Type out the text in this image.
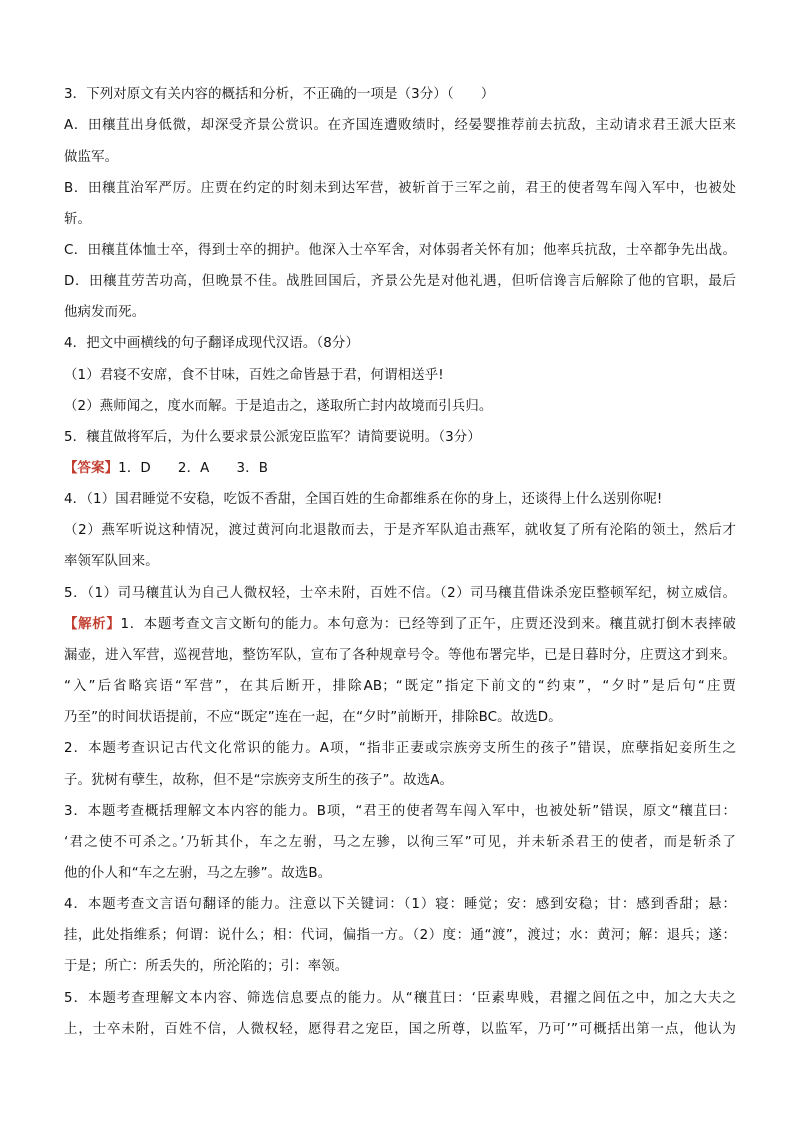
3．下列对原文有关内容的概括和分析，不正确的一项是（3分）（　　）
A．田穰苴出身低微，却深受齐景公赏识。在齐国连遭败绩时，经晏婴推荐前去抗敌，主动请求君王派大臣来
做监军。
B．田穰苴治军严厉。庄贾在约定的时刻未到达军营，被斩首于三军之前，君王的使者驾车闯入军中，也被处
斩。
C．田穰苴体恤士卒，得到士卒的拥护。他深入士卒军舍，对体弱者关怀有加；他率兵抗敌，士卒都争先出战。
D．田穰苴劳苦功高，但晚景不佳。战胜回国后，齐景公先是对他礼遇，但听信谗言后解除了他的官职，最后
他病发而死。
4．把文中画横线的句子翻译成现代汉语。（8分）
（1）君寝不安席，食不甘味，百姓之命皆悬于君，何谓相送乎!
（2）燕师闻之，度水而解。于是追击之，遂取所亡封内故境而引兵归。
5．穰苴做将军后，为什么要求景公派宠臣监军？请简要说明。（3分）
【答案】1．D　　2．A　　3．B
4．（1）国君睡觉不安稳，吃饭不香甜，全国百姓的生命都维系在你的身上，还谈得上什么送别你呢!
（2）燕军听说这种情况，渡过黄河向北退散而去，于是齐军队追击燕军，就收复了所有沦陷的领土，然后才
率领军队回来。
5．（1）司马穰苴认为自己人微权轻，士卒未附，百姓不信。（2）司马穰苴借诛杀宠臣整顿军纪，树立威信。
【解析】1．本题考查文言文断句的能力。本句意为：已经等到了正午，庄贾还没到来。穰苴就打倒木表摔破
漏壶，进入军营，巡视营地，整饬军队，宣布了各种规章号令。等他布署完毕，已是日暮时分，庄贾这才到来。
“入”后省略宾语“军营”，在其后断开，排除AB；“既定”指定下前文的“约束”，“夕时”是后句“庄贾
乃至”的时间状语提前，不应“既定”连在一起，在“夕时”前断开，排除BC。故选D。
2．本题考查识记古代文化常识的能力。A项，“指非正妻或宗族旁支所生的孩子”错误，庶孽指妃妾所生之
子。犹树有孽生，故称，但不是“宗族旁支所生的孩子”。故选A。
3．本题考查概括理解文本内容的能力。B项，“君王的使者驾车闯入军中，也被处斩”错误，原文“穰苴曰：
‘君之使不可杀之。’乃斩其仆，车之左驸，马之左骖，以徇三军”可见，并未斩杀君王的使者，而是斩杀了
他的仆人和“车之左驸，马之左骖”。故选B。
4．本题考查文言语句翻译的能力。注意以下关键词：（1）寝：睡觉；安：感到安稳；甘：感到香甜；悬：
挂，此处指维系；何谓：说什么；相：代词，偏指一方。（2）度：通“渡”，渡过；水：黄河；解：退兵；遂：
于是；所亡：所丢失的，所沦陷的；引：率领。
5．本题考查理解文本内容、筛选信息要点的能力。从“穰苴曰：‘臣素卑贱，君擢之闾伍之中，加之大夫之
上，士卒未附，百姓不信，人微权轻，愿得君之宠臣，国之所尊，以监军，乃可’”可概括出第一点，他认为
